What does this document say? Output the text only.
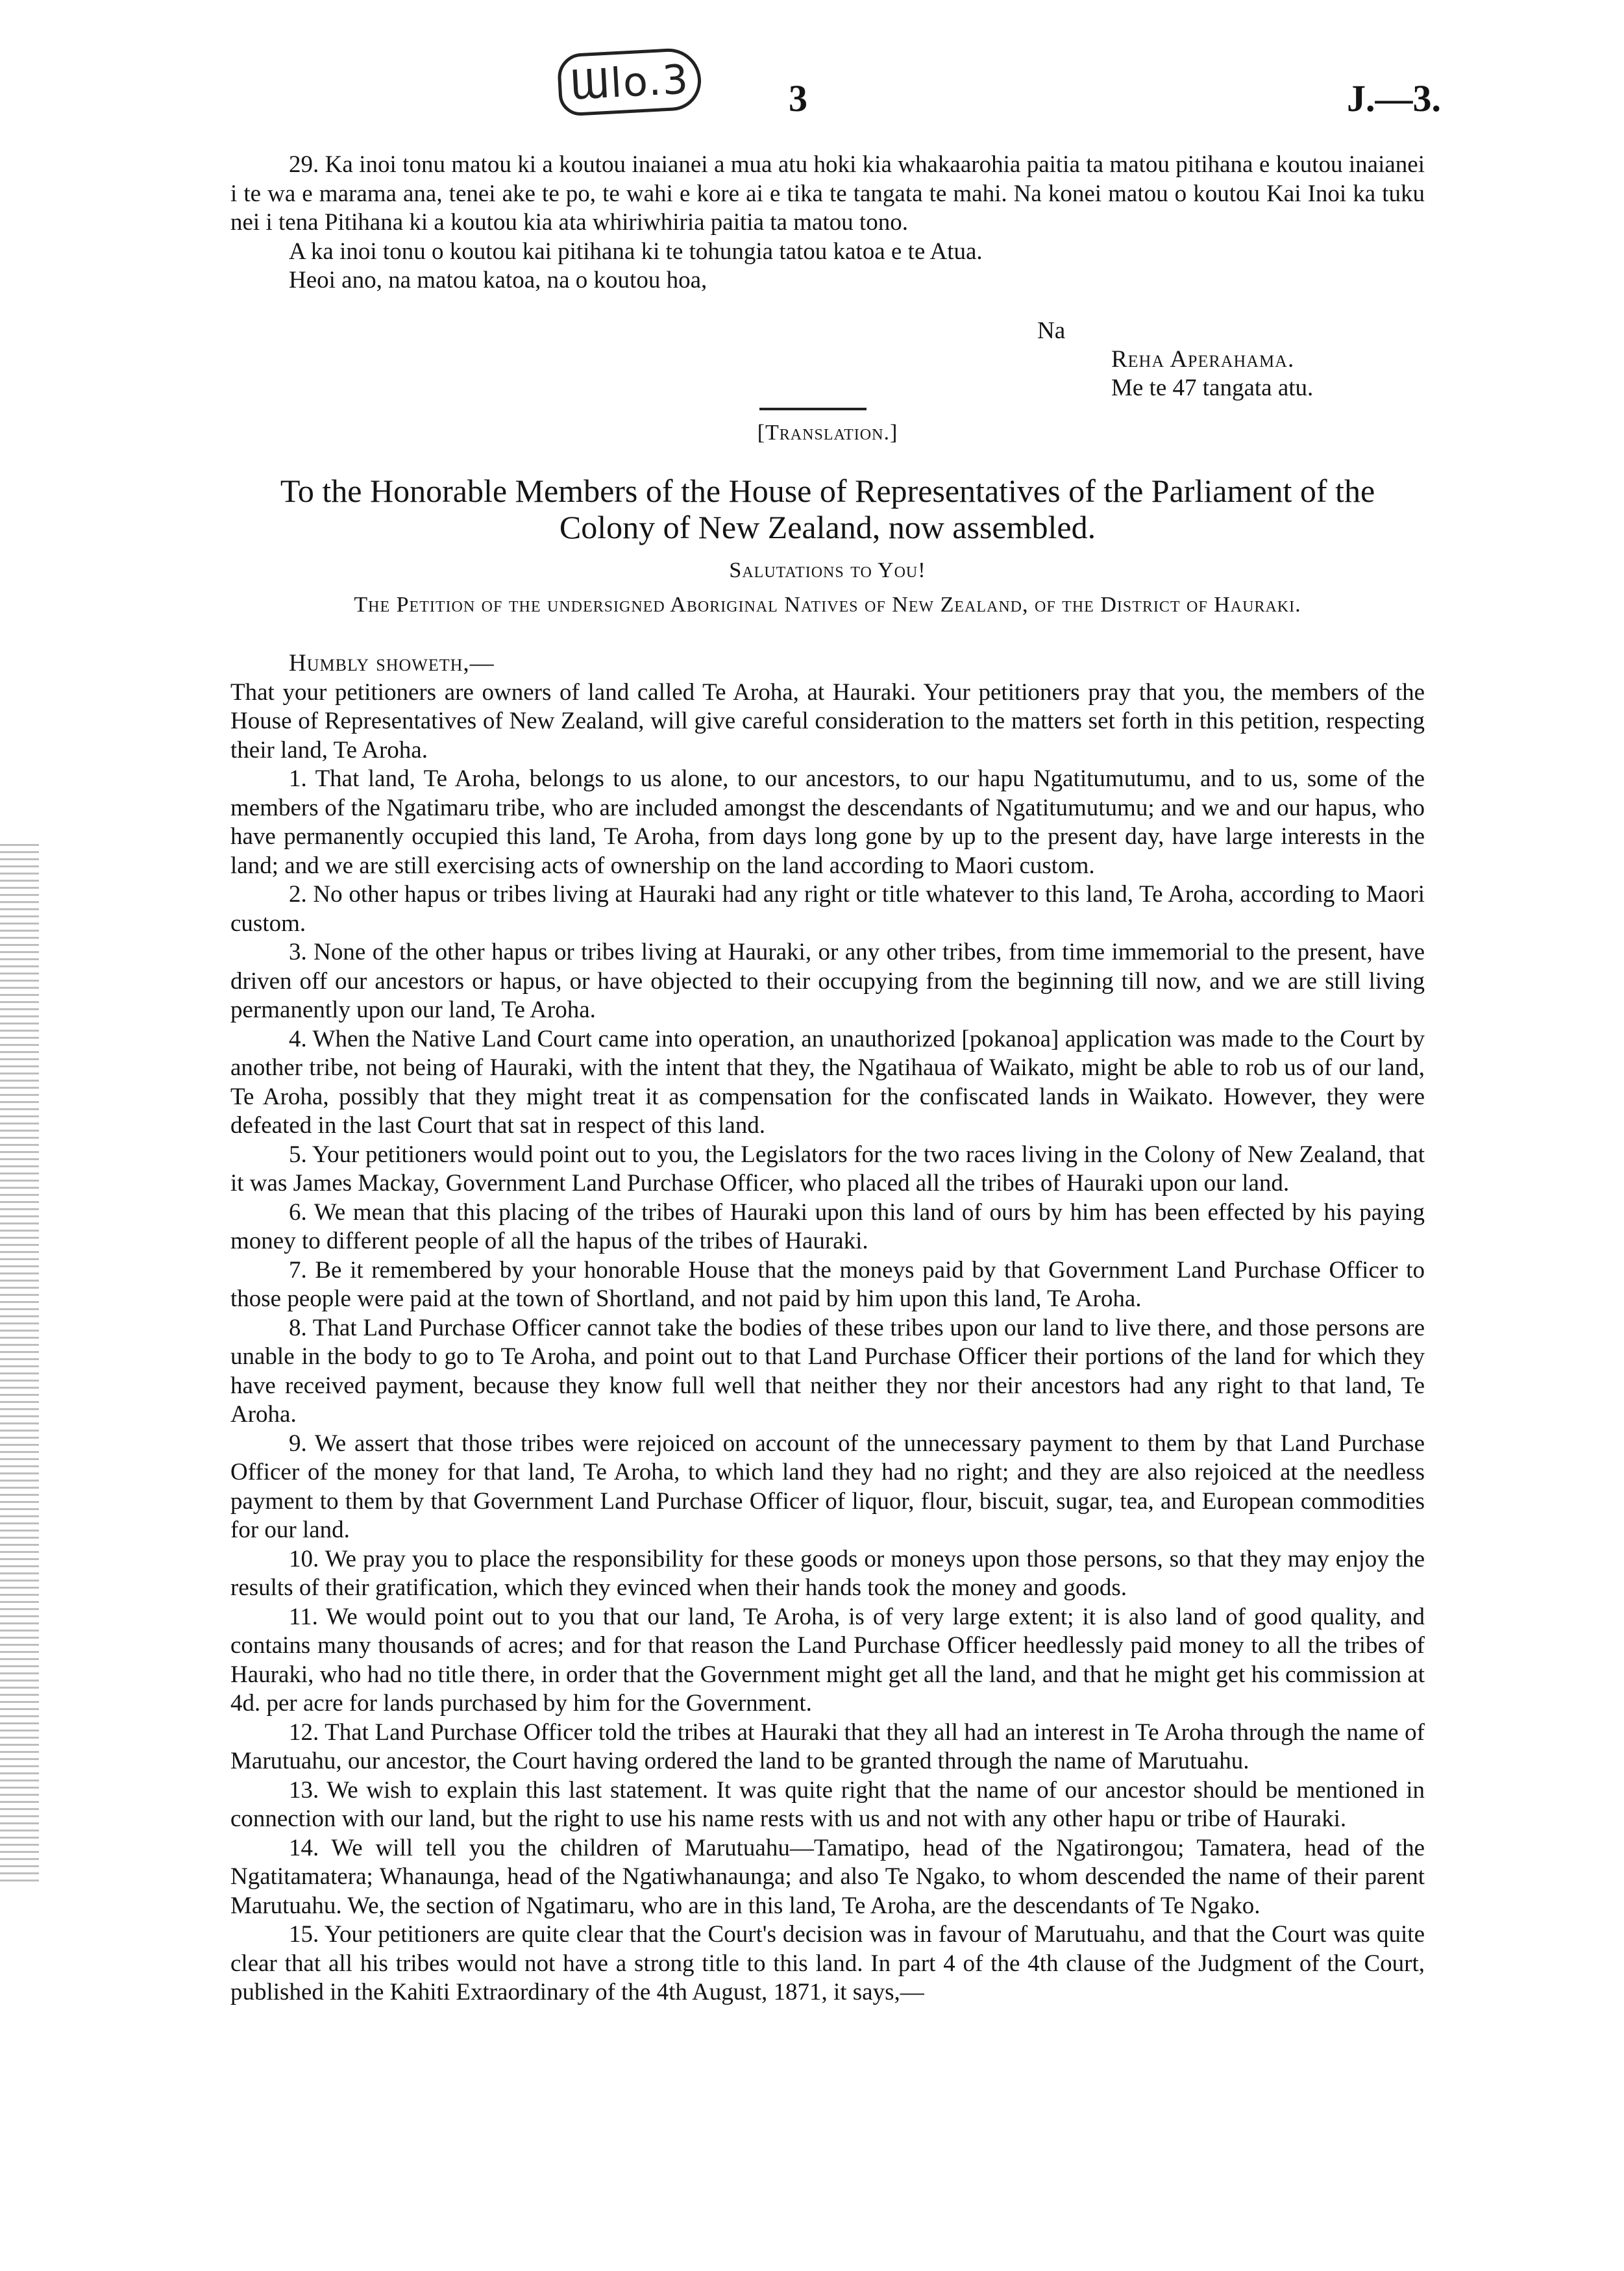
Ɯlo.3	3	J.—3.

29. Ka inoi tonu matou ki a koutou inaianei a mua atu hoki kia whakaarohia paitia ta matou pitihana e koutou inaianei i te wa e marama ana, tenei ake te po, te wahi e kore ai e tika te tangata te mahi. Na konei matou o koutou Kai Inoi ka tuku nei i tena Pitihana ki a koutou kia ata whiriwhiria paitia ta matou tono.

A ka inoi tonu o koutou kai pitihana ki te tohungia tatou katoa e te Atua.

Heoi ano, na matou katoa, na o koutou hoa,

Na
Reha Aperahama.
Me te 47 tangata atu.
[Translation.]
To the Honorable Members of the House of Representatives of the Parliament of the Colony of New Zealand, now assembled.
Salutations to You!
The Petition of the undersigned Aboriginal Natives of New Zealand, of the District of Hauraki.

Humbly showeth,—

That your petitioners are owners of land called Te Aroha, at Hauraki. Your petitioners pray that you, the members of the House of Representatives of New Zealand, will give careful consideration to the matters set forth in this petition, respecting their land, Te Aroha.

1. That land, Te Aroha, belongs to us alone, to our ancestors, to our hapu Ngatitumutumu, and to us, some of the members of the Ngatimaru tribe, who are included amongst the descendants of Ngatitumutumu; and we and our hapus, who have permanently occupied this land, Te Aroha, from days long gone by up to the present day, have large interests in the land; and we are still exercising acts of ownership on the land according to Maori custom.

2. No other hapus or tribes living at Hauraki had any right or title whatever to this land, Te Aroha, according to Maori custom.

3. None of the other hapus or tribes living at Hauraki, or any other tribes, from time immemorial to the present, have driven off our ancestors or hapus, or have objected to their occupying from the beginning till now, and we are still living permanently upon our land, Te Aroha.

4. When the Native Land Court came into operation, an unauthorized [pokanoa] application was made to the Court by another tribe, not being of Hauraki, with the intent that they, the Ngatihaua of Waikato, might be able to rob us of our land, Te Aroha, possibly that they might treat it as compensation for the confiscated lands in Waikato. However, they were defeated in the last Court that sat in respect of this land.

5. Your petitioners would point out to you, the Legislators for the two races living in the Colony of New Zealand, that it was James Mackay, Government Land Purchase Officer, who placed all the tribes of Hauraki upon our land.

6. We mean that this placing of the tribes of Hauraki upon this land of ours by him has been effected by his paying money to different people of all the hapus of the tribes of Hauraki.

7. Be it remembered by your honorable House that the moneys paid by that Government Land Purchase Officer to those people were paid at the town of Shortland, and not paid by him upon this land, Te Aroha.

8. That Land Purchase Officer cannot take the bodies of these tribes upon our land to live there, and those persons are unable in the body to go to Te Aroha, and point out to that Land Purchase Officer their portions of the land for which they have received payment, because they know full well that neither they nor their ancestors had any right to that land, Te Aroha.

9. We assert that those tribes were rejoiced on account of the unnecessary payment to them by that Land Purchase Officer of the money for that land, Te Aroha, to which land they had no right; and they are also rejoiced at the needless payment to them by that Government Land Purchase Officer of liquor, flour, biscuit, sugar, tea, and European commodities for our land.

10. We pray you to place the responsibility for these goods or moneys upon those persons, so that they may enjoy the results of their gratification, which they evinced when their hands took the money and goods.

11. We would point out to you that our land, Te Aroha, is of very large extent; it is also land of good quality, and contains many thousands of acres; and for that reason the Land Purchase Officer heedlessly paid money to all the tribes of Hauraki, who had no title there, in order that the Government might get all the land, and that he might get his commission at 4d. per acre for lands purchased by him for the Government.

12. That Land Purchase Officer told the tribes at Hauraki that they all had an interest in Te Aroha through the name of Marutuahu, our ancestor, the Court having ordered the land to be granted through the name of Marutuahu.

13. We wish to explain this last statement. It was quite right that the name of our ancestor should be mentioned in connection with our land, but the right to use his name rests with us and not with any other hapu or tribe of Hauraki.

14. We will tell you the children of Marutuahu—Tamatipo, head of the Ngatirongou; Tamatera, head of the Ngatitamatera; Whanaunga, head of the Ngatiwhanaunga; and also Te Ngako, to whom descended the name of their parent Marutuahu. We, the section of Ngatimaru, who are in this land, Te Aroha, are the descendants of Te Ngako.

15. Your petitioners are quite clear that the Court's decision was in favour of Marutuahu, and that the Court was quite clear that all his tribes would not have a strong title to this land. In part 4 of the 4th clause of the Judgment of the Court, published in the Kahiti Extraordinary of the 4th August, 1871, it says,—
